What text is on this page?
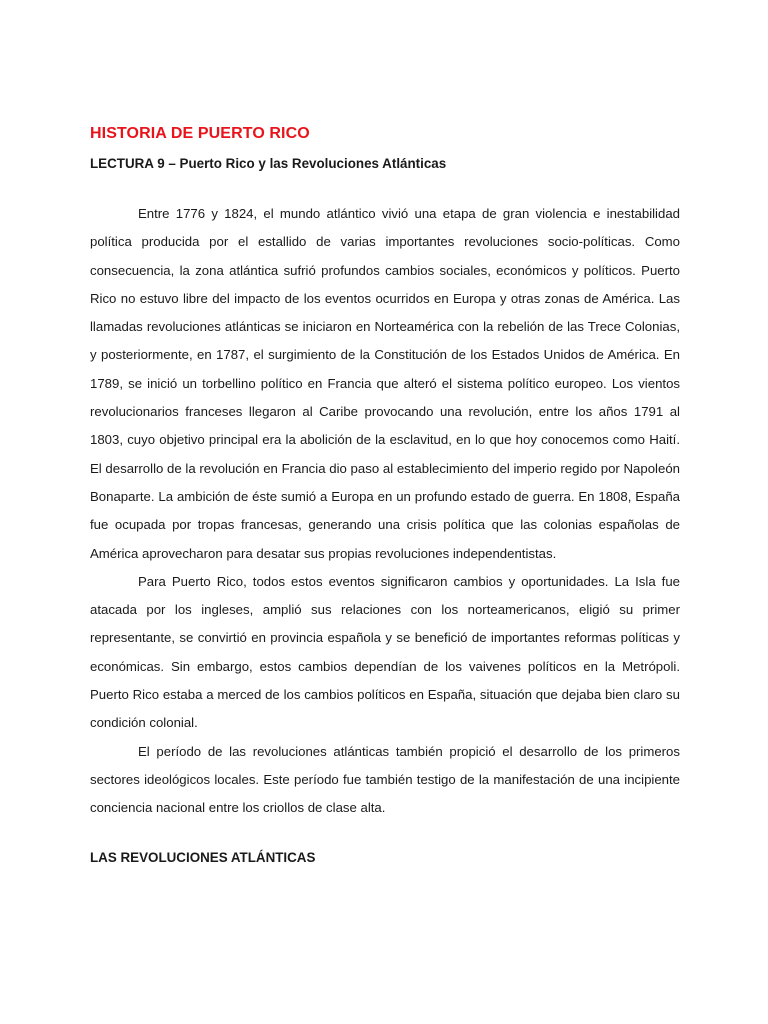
HISTORIA DE PUERTO RICO
LECTURA 9 – Puerto Rico y las Revoluciones Atlánticas

Entre 1776 y 1824, el mundo atlántico vivió una etapa de gran violencia e inestabilidad política producida por el estallido de varias importantes revoluciones socio-políticas. Como consecuencia, la zona atlántica sufrió profundos cambios sociales, económicos y políticos. Puerto Rico no estuvo libre del impacto de los eventos ocurridos en Europa y otras zonas de América. Las llamadas revoluciones atlánticas se iniciaron en Norteamérica con la rebelión de las Trece Colonias, y posteriormente, en 1787, el surgimiento de la Constitución de los Estados Unidos de América. En 1789, se inició un torbellino político en Francia que alteró el sistema político europeo. Los vientos revolucionarios franceses llegaron al Caribe provocando una revolución, entre los años 1791 al 1803, cuyo objetivo principal era la abolición de la esclavitud, en lo que hoy conocemos como Haití. El desarrollo de la revolución en Francia dio paso al establecimiento del imperio regido por Napoleón Bonaparte. La ambición de éste sumió a Europa en un profundo estado de guerra. En 1808, España fue ocupada por tropas francesas, generando una crisis política que las colonias españolas de América aprovecharon para desatar sus propias revoluciones independentistas.

Para Puerto Rico, todos estos eventos significaron cambios y oportunidades. La Isla fue atacada por los ingleses, amplió sus relaciones con los norteamericanos, eligió su primer representante, se convirtió en provincia española y se benefició de importantes reformas políticas y económicas. Sin embargo, estos cambios dependían de los vaivenes políticos en la Metrópoli. Puerto Rico estaba a merced de los cambios políticos en España, situación que dejaba bien claro su condición colonial.

El período de las revoluciones atlánticas también propició el desarrollo de los primeros sectores ideológicos locales. Este período fue también testigo de la manifestación de una incipiente conciencia nacional entre los criollos de clase alta.

LAS REVOLUCIONES ATLÁNTICAS
